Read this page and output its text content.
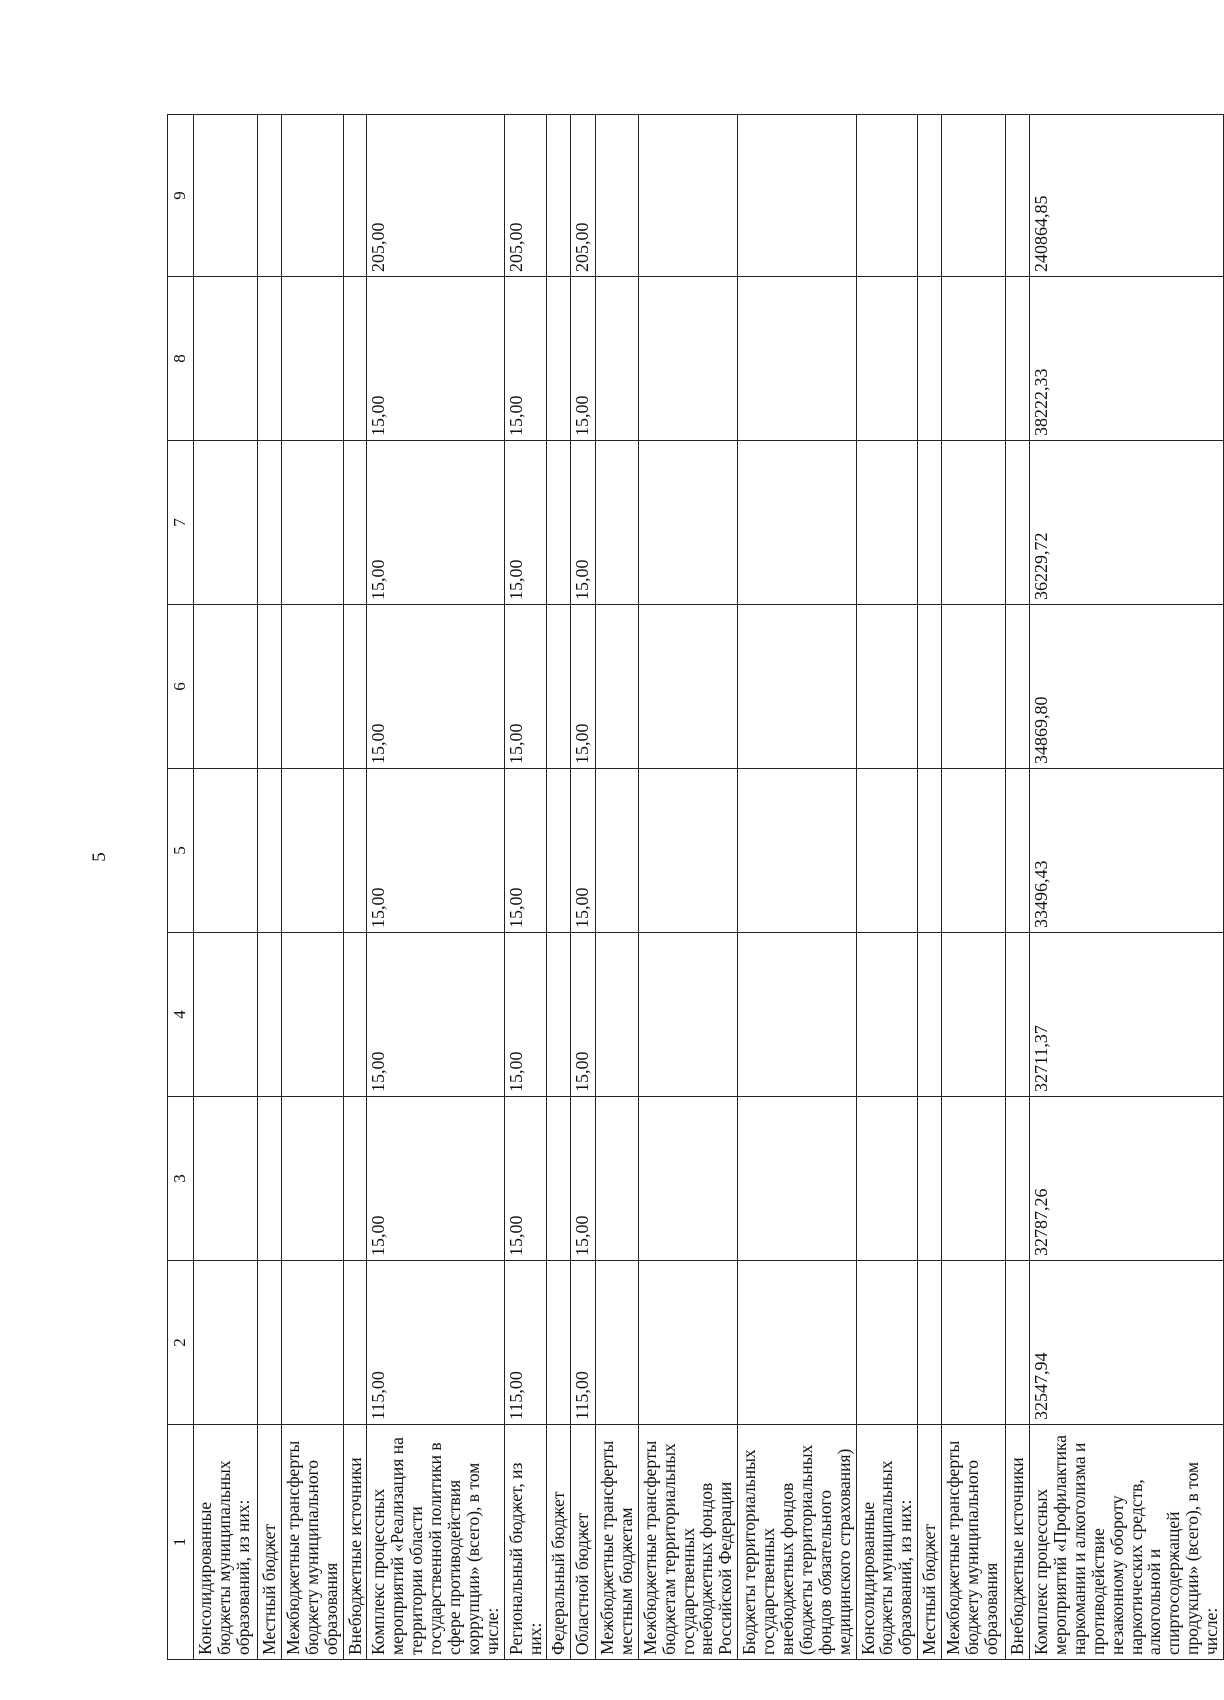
5
1	2	3	4	5	6	7	8	9
Консолидированные бюджеты муниципальных образований, из них:								
Местный бюджет								
Межбюджетные трансферты бюджету муниципального образования								
Внебюджетные источники								
Комплекс процессных мероприятий «Реализация на территории области государственной политики в сфере противодействия коррупции» (всего), в том числе:	115,00	15,00	15,00	15,00	15,00	15,00	15,00	205,00
Региональный бюджет, из них:	115,00	15,00	15,00	15,00	15,00	15,00	15,00	205,00
Федеральный бюджет								
Областной бюджет	115,00	15,00	15,00	15,00	15,00	15,00	15,00	205,00
Межбюджетные трансферты местным бюджетам								
Межбюджетные трансферты бюджетам территориальных государственных внебюджетных фондов Российской Федерации								
Бюджеты территориальных государственных внебюджетных фондов (бюджеты территориальных фондов обязательного медицинского страхования)								
Консолидированные бюджеты муниципальных образований, из них:								
Местный бюджет								
Межбюджетные трансферты бюджету муниципального образования								
Внебюджетные источники								
Комплекс процессных мероприятий «Профилактика наркомании и алкоголизма и противодействие незаконному обороту наркотических средств, алкогольной и спиртосодержащей продукции» (всего), в том числе:	32547,94	32787,26	32711,37	33496,43	34869,80	36229,72	38222,33	240864,85
